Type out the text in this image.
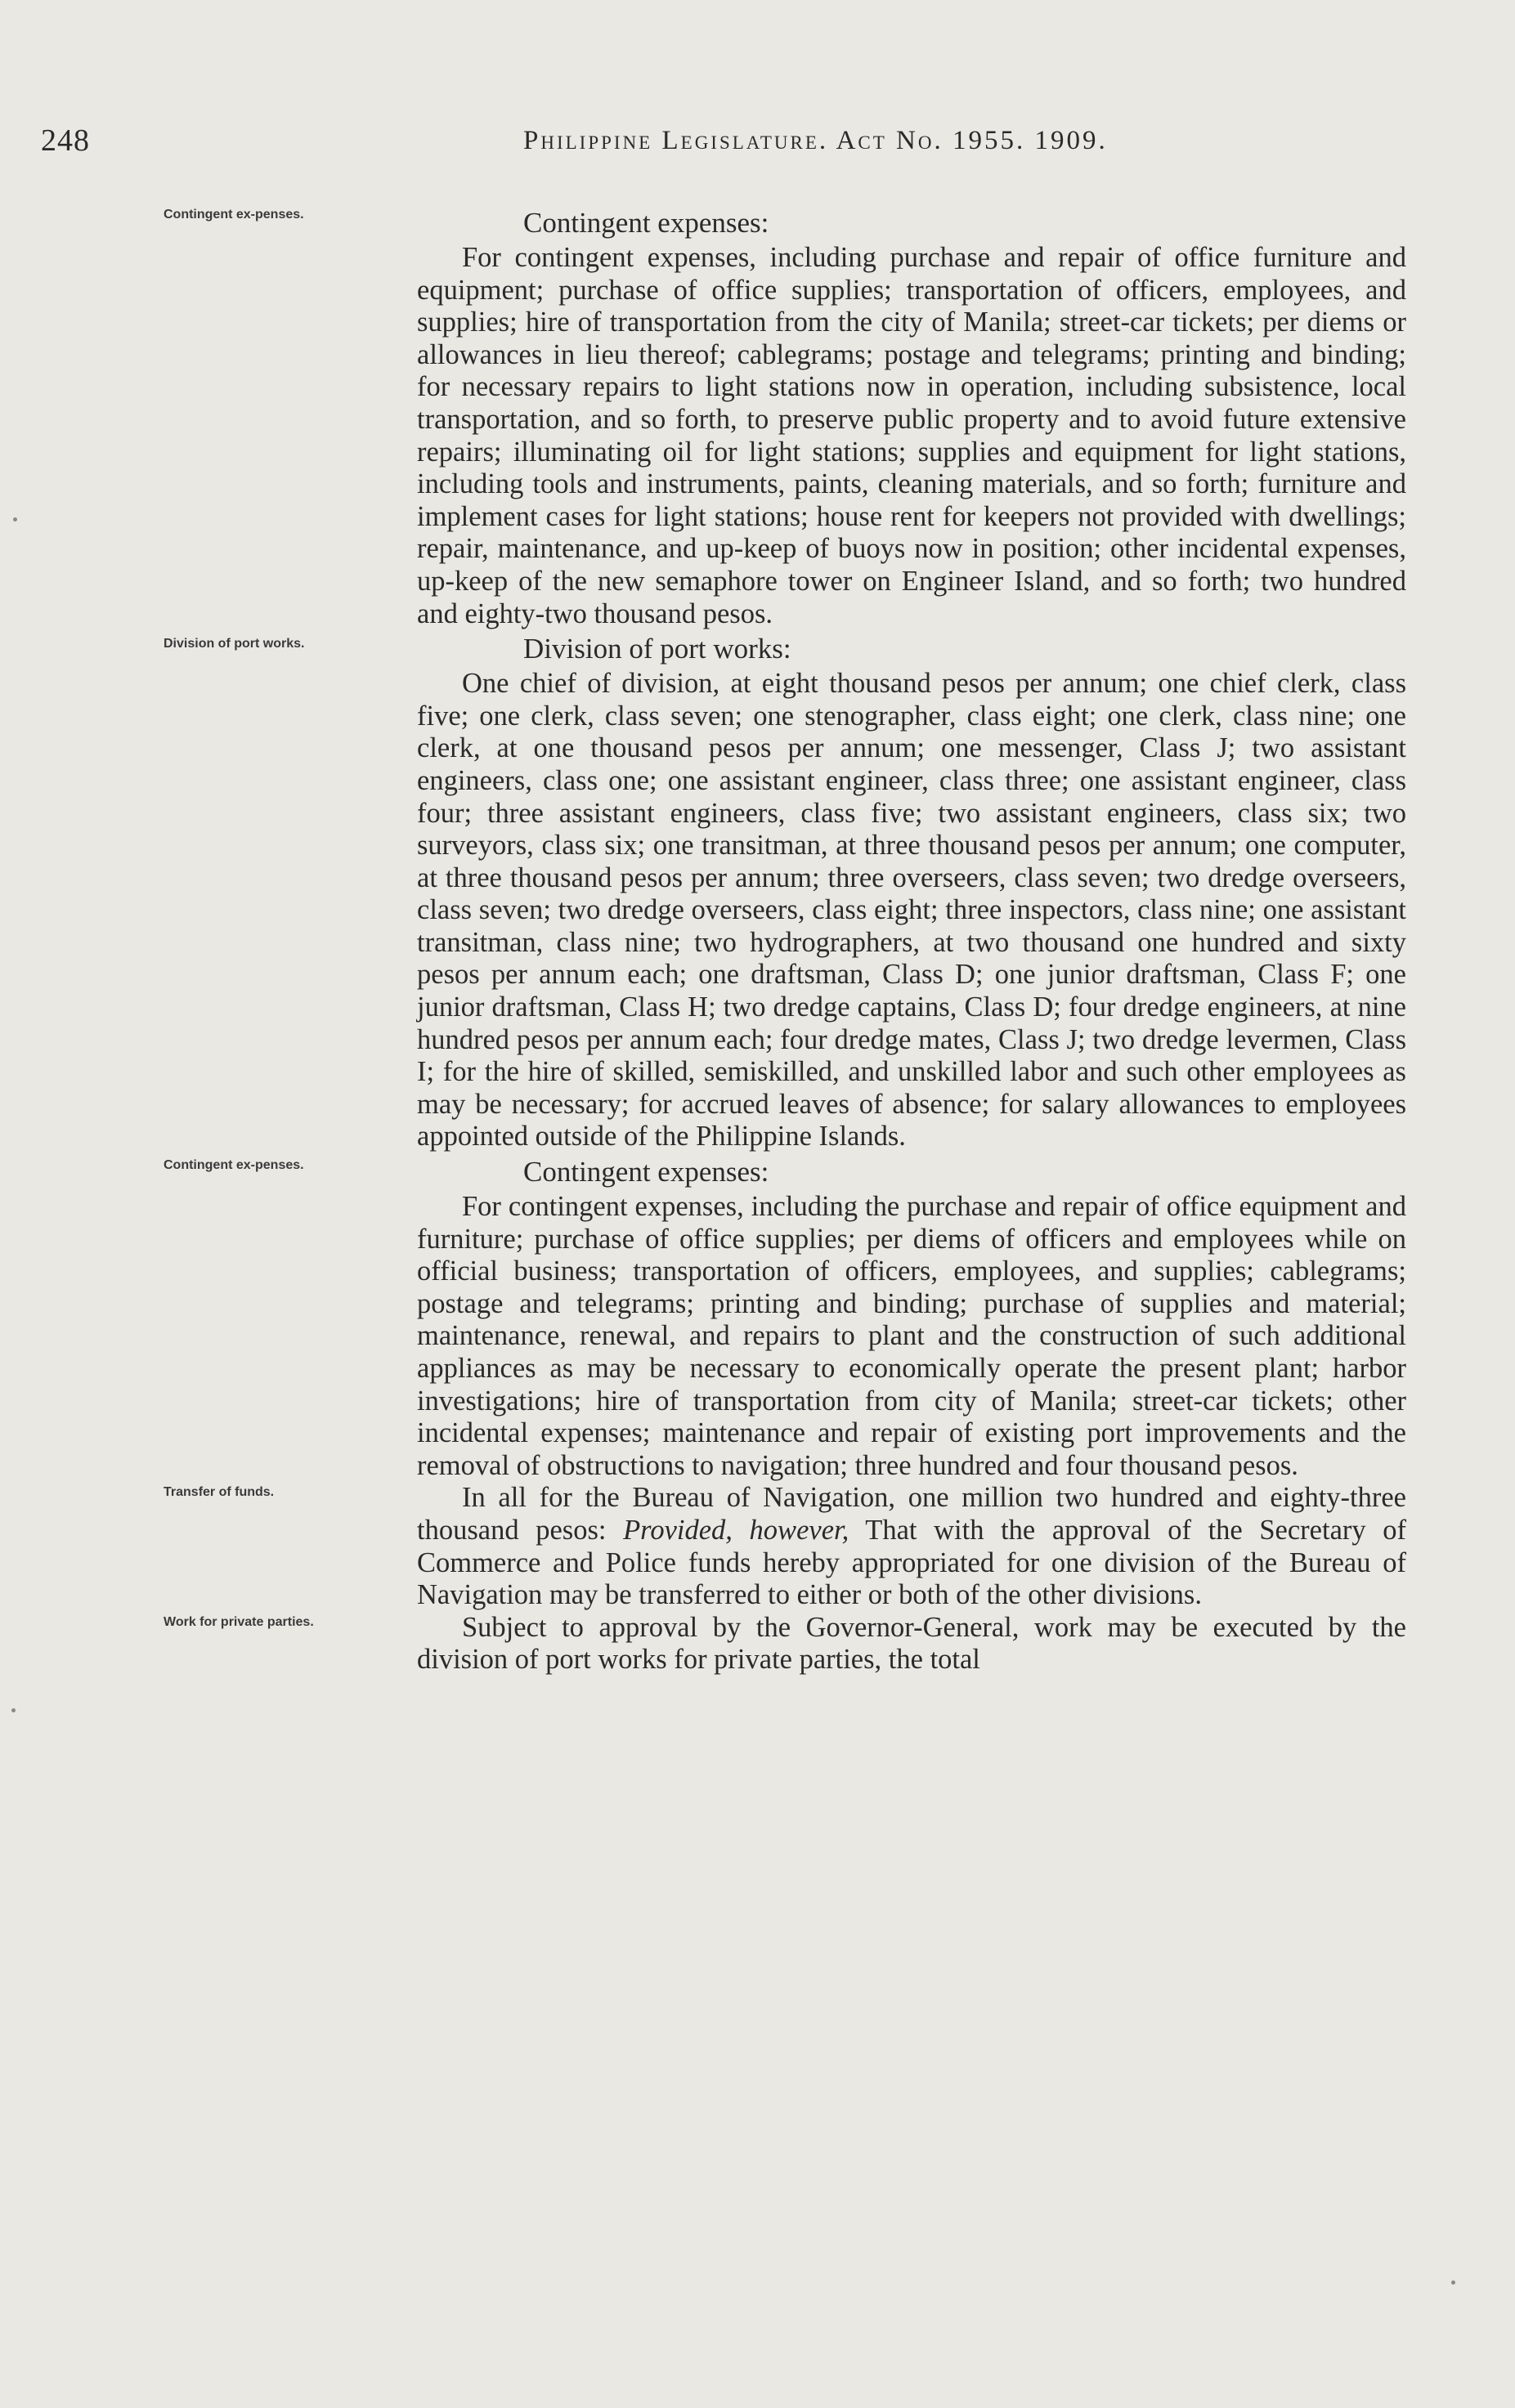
248	Philippine Legislature. Act No. 1955. 1909.
Contingent ex-penses.	Contingent expenses:

For contingent expenses, including purchase and repair of office furniture and equipment; purchase of office supplies; transportation of officers, employees, and supplies; hire of transportation from the city of Manila; street-car tickets; per diems or allowances in lieu thereof; cablegrams; postage and telegrams; printing and binding; for necessary repairs to light stations now in operation, including subsistence, local transportation, and so forth, to preserve public property and to avoid future extensive repairs; illuminating oil for light stations; supplies and equipment for light stations, including tools and instruments, paints, cleaning materials, and so forth; furniture and implement cases for light stations; house rent for keepers not provided with dwellings; repair, maintenance, and up-keep of buoys now in position; other incidental expenses, up-keep of the new semaphore tower on Engineer Island, and so forth; two hundred and eighty-two thousand pesos.

Division of port works.	Division of port works:

One chief of division, at eight thousand pesos per annum; one chief clerk, class five; one clerk, class seven; one stenographer, class eight; one clerk, class nine; one clerk, at one thousand pesos per annum; one messenger, Class J; two assistant engineers, class one; one assistant engineer, class three; one assistant engineer, class four; three assistant engineers, class five; two assistant engineers, class six; two surveyors, class six; one transitman, at three thousand pesos per annum; one computer, at three thousand pesos per annum; three overseers, class seven; two dredge overseers, class seven; two dredge overseers, class eight; three inspectors, class nine; one assistant transitman, class nine; two hydrographers, at two thousand one hundred and sixty pesos per annum each; one draftsman, Class D; one junior draftsman, Class F; one junior draftsman, Class H; two dredge captains, Class D; four dredge engineers, at nine hundred pesos per annum each; four dredge mates, Class J; two dredge levermen, Class I; for the hire of skilled, semiskilled, and unskilled labor and such other employees as may be necessary; for accrued leaves of absence; for salary allowances to employees appointed outside of the Philippine Islands.

Contingent ex-penses.	Contingent expenses:

For contingent expenses, including the purchase and repair of office equipment and furniture; purchase of office supplies; per diems of officers and employees while on official business; transportation of officers, employees, and supplies; cablegrams; postage and telegrams; printing and binding; purchase of supplies and material; maintenance, renewal, and repairs to plant and the construction of such additional appliances as may be necessary to economically operate the present plant; harbor investigations; hire of transportation from city of Manila; street-car tickets; other incidental expenses; maintenance and repair of existing port improvements and the removal of obstructions to navigation; three hundred and four thousand pesos.

Transfer of funds.	In all for the Bureau of Navigation, one million two hundred and eighty-three thousand pesos: Provided, however, That with the approval of the Secretary of Commerce and Police funds hereby appropriated for one division of the Bureau of Navigation may be transferred to either or both of the other divisions.

Work for private parties.	Subject to approval by the Governor-General, work may be executed by the division of port works for private parties, the total
